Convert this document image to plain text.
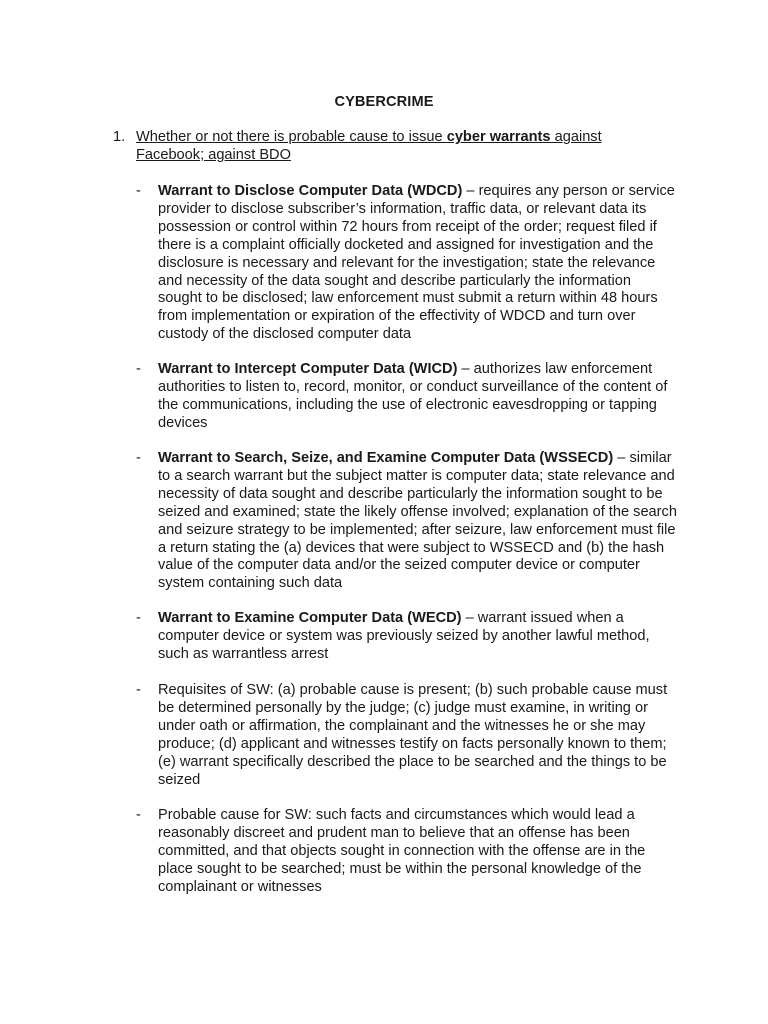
CYBERCRIME
1. Whether or not there is probable cause to issue cyber warrants against Facebook; against BDO
- Warrant to Disclose Computer Data (WDCD) – requires any person or service provider to disclose subscriber’s information, traffic data, or relevant data its possession or control within 72 hours from receipt of the order; request filed if there is a complaint officially docketed and assigned for investigation and the disclosure is necessary and relevant for the investigation; state the relevance and necessity of the data sought and describe particularly the information sought to be disclosed; law enforcement must submit a return within 48 hours from implementation or expiration of the effectivity of WDCD and turn over custody of the disclosed computer data
- Warrant to Intercept Computer Data (WICD) – authorizes law enforcement authorities to listen to, record, monitor, or conduct surveillance of the content of the communications, including the use of electronic eavesdropping or tapping devices
- Warrant to Search, Seize, and Examine Computer Data (WSSECD) – similar to a search warrant but the subject matter is computer data; state relevance and necessity of data sought and describe particularly the information sought to be seized and examined; state the likely offense involved; explanation of the search and seizure strategy to be implemented; after seizure, law enforcement must file a return stating the (a) devices that were subject to WSSECD and (b) the hash value of the computer data and/or the seized computer device or computer system containing such data
- Warrant to Examine Computer Data (WECD) – warrant issued when a computer device or system was previously seized by another lawful method, such as warrantless arrest
- Requisites of SW: (a) probable cause is present; (b) such probable cause must be determined personally by the judge; (c) judge must examine, in writing or under oath or affirmation, the complainant and the witnesses he or she may produce; (d) applicant and witnesses testify on facts personally known to them; (e) warrant specifically described the place to be searched and the things to be seized
- Probable cause for SW: such facts and circumstances which would lead a reasonably discreet and prudent man to believe that an offense has been committed, and that objects sought in connection with the offense are in the place sought to be searched; must be within the personal knowledge of the complainant or witnesses
